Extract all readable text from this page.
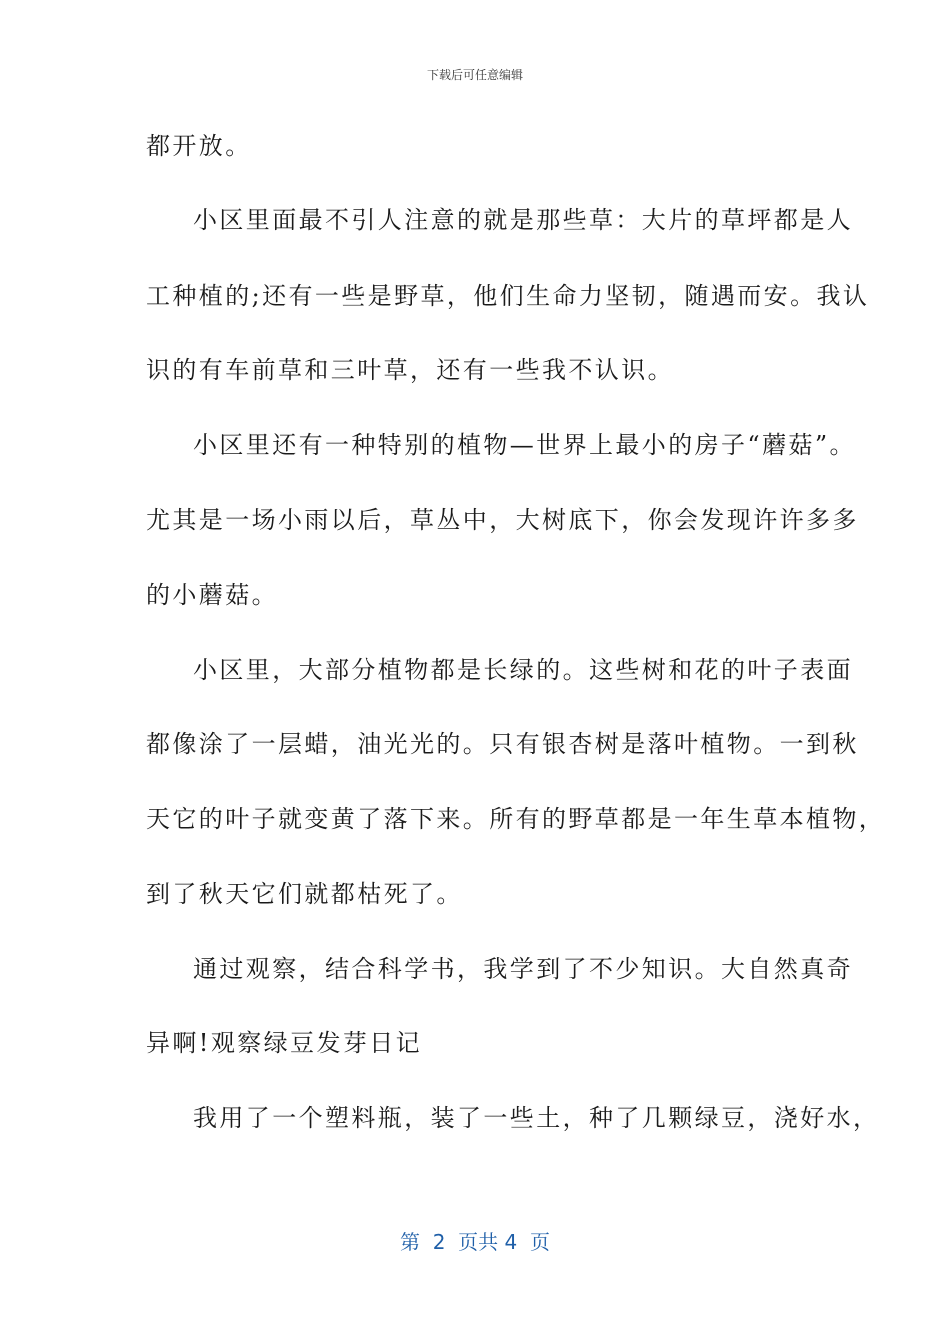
下载后可任意编辑
都开放。
小区里面最不引人注意的就是那些草：大片的草坪都是人
工种植的;还有一些是野草，他们生命力坚韧，随遇而安。我认
识的有车前草和三叶草，还有一些我不认识。
小区里还有一种特别的植物—世界上最小的房子“蘑菇”。
尤其是一场小雨以后，草丛中，大树底下，你会发现许许多多
的小蘑菇。
小区里，大部分植物都是长绿的。这些树和花的叶子表面
都像涂了一层蜡，油光光的。只有银杏树是落叶植物。一到秋
天它的叶子就变黄了落下来。所有的野草都是一年生草本植物，
到了秋天它们就都枯死了。
通过观察，结合科学书，我学到了不少知识。大自然真奇
异啊!观察绿豆发芽日记
我用了一个塑料瓶，装了一些土，种了几颗绿豆，浇好水，
第  2  页共 4  页
